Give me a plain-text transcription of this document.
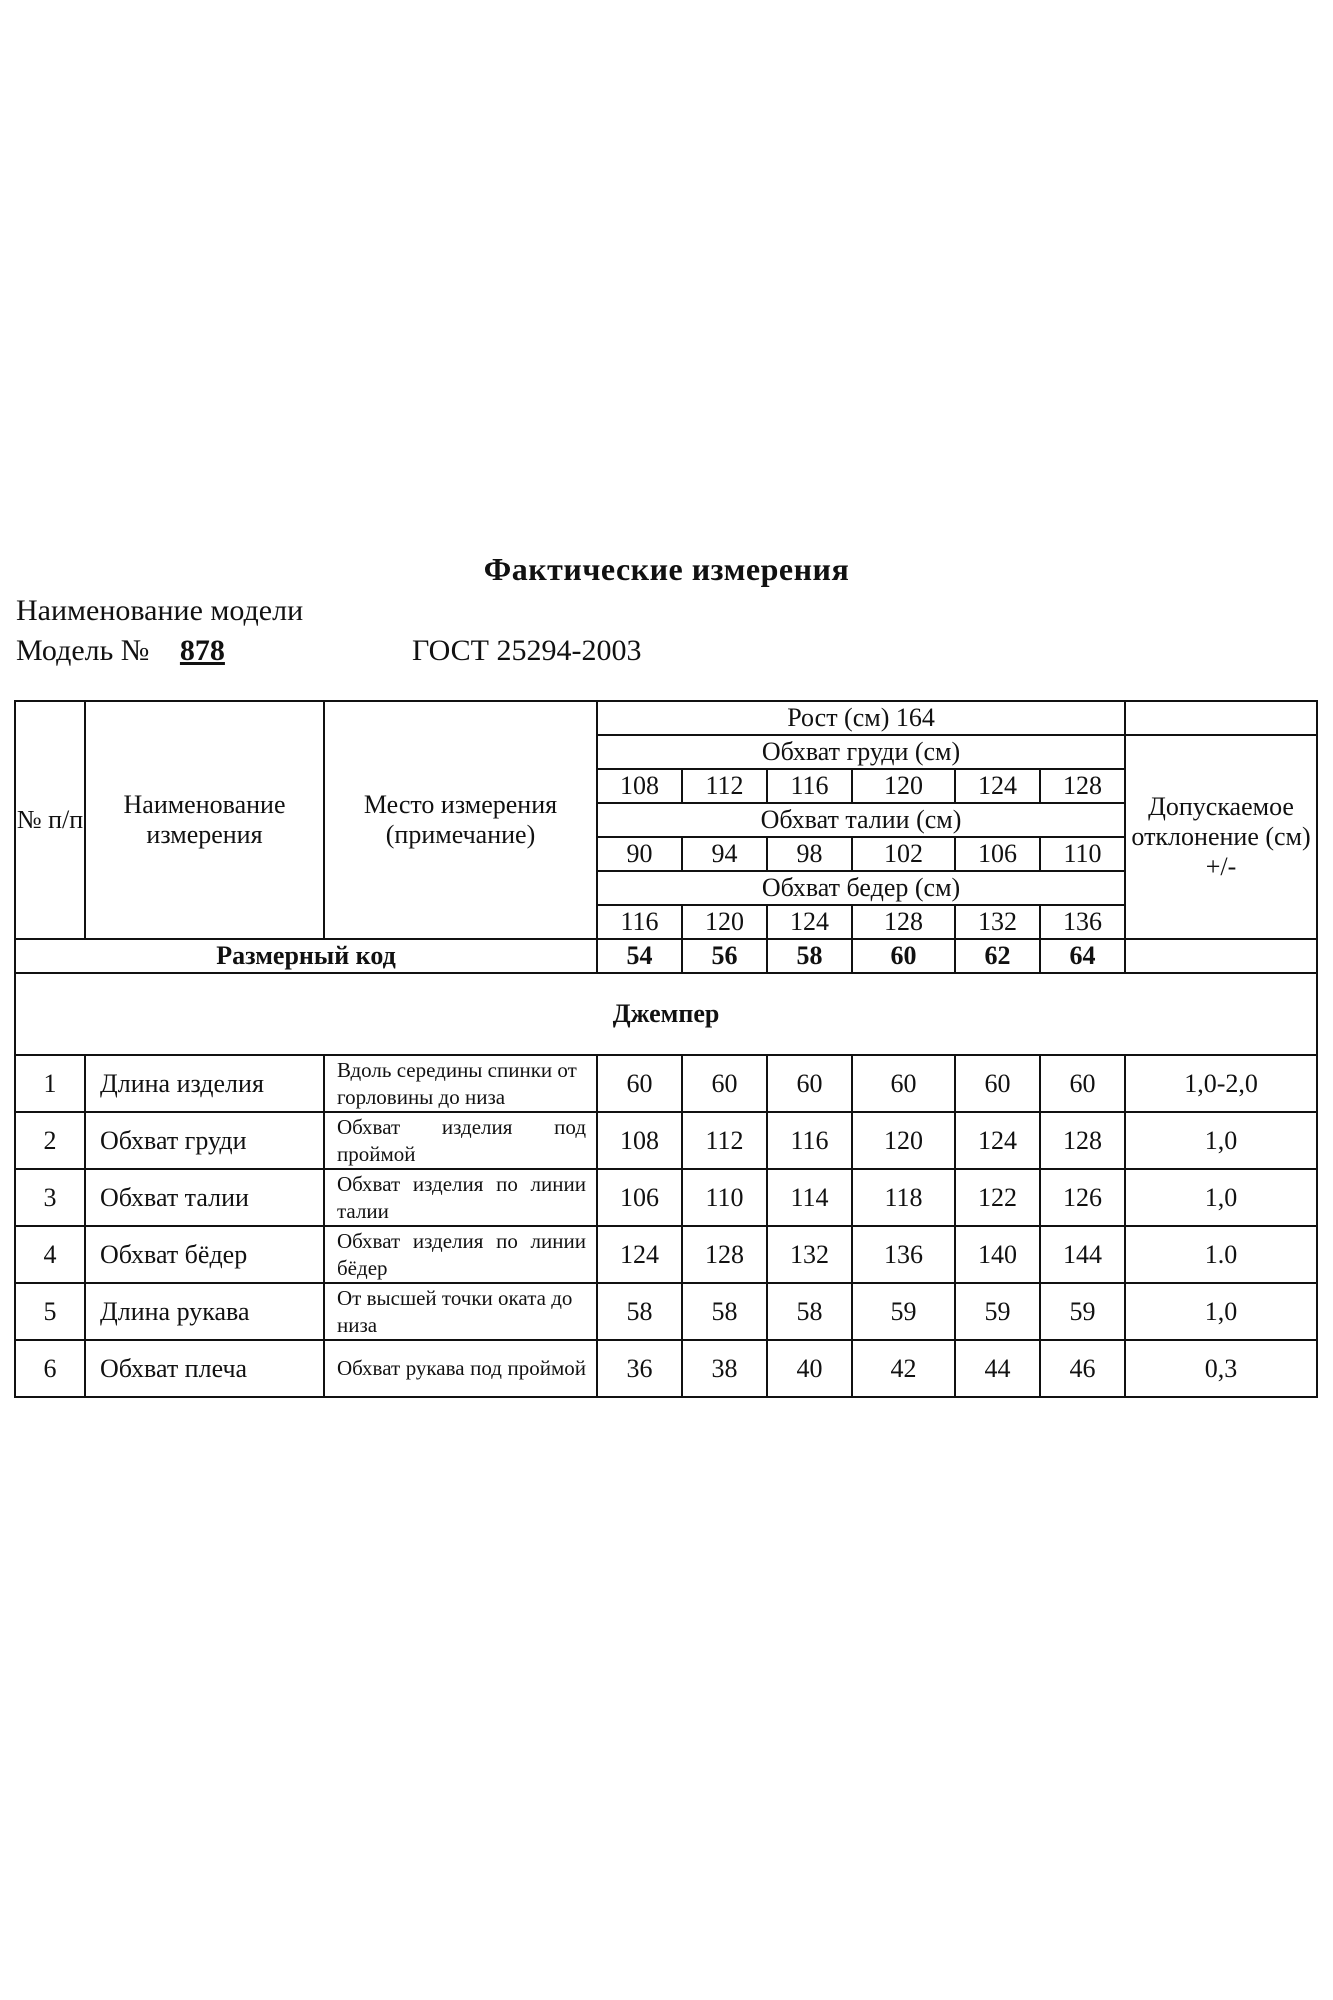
Фактические измерения
Наименование модели
Модель № 878	ГОСТ 25294-2003
№ п/п	Наименование измерения	Место измерения (примечание)	Рост (см) 164						
			Обхват груди (см)						Допускаемое отклонение (см) +/-
			108	112	116	120	124	128	
			Обхват талии (см)						
			90	94	98	102	106	110	
			Обхват бедер (см)						
			116	120	124	128	132	136	
Размерный код			54	56	58	60	62	64	
Джемпер									
1	Длина изделия	Вдоль середины спинки от горловины до низа	60	60	60	60	60	60	1,0-2,0
2	Обхват груди	Обхват изделия под проймой	108	112	116	120	124	128	1,0
3	Обхват талии	Обхват изделия по линии талии	106	110	114	118	122	126	1,0
4	Обхват бёдер	Обхват изделия по линии бёдер	124	128	132	136	140	144	1.0
5	Длина рукава	От высшей точки оката до низа	58	58	58	59	59	59	1,0
6	Обхват плеча	Обхват рукава под проймой	36	38	40	42	44	46	0,3
